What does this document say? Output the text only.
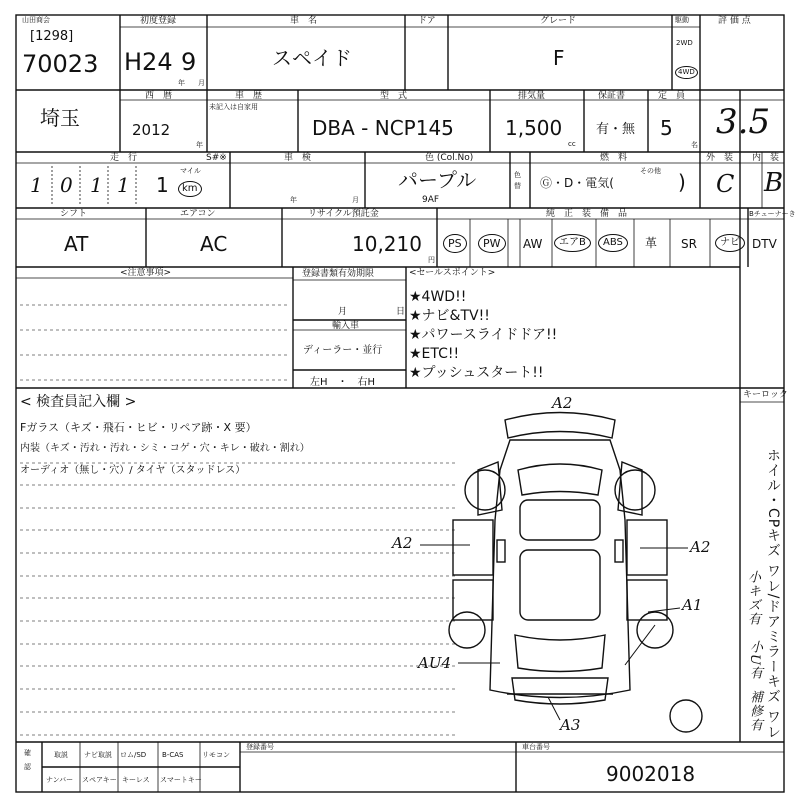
山田商会
[1298]
70023
初度登録
H24 9
年 月
車　名
スペイド
ドア	グレード
F
駆動
2WD
4WD
評 価 点
埼玉
西　暦
2012
年
車　歴
未記入は自家用
型　式
DBA - NCP145
排気量
1,500
cc
保証書
有・無
定　員
5
名
3.5
走　行
1 0 1 1 1
マイル
km
S#※	車　検
年	月
色 (Col.No)
パープル
9AF
色替
燃　料
Ⓖ・D・電気(
その他 )
外　装 内　装
C B
シフト
AT
エアコン
AC
リサイクル預託金
10,210
円
純　正　装　備　品	Bチューナーき
PS	PW	AW	エアB	ABS	革 SR	ナビ	DTV
<注意事項>	登録書類有効期限
月	日
輸入車
ディーラー・並行
左H　・　右H
<セールスポイント>
★4WD!!
★ナビ&TV!!
★パワースライドドア!!
★ETC!!
★プッシュスタート!!
< 検査員記入欄 >
Fガラス（キズ・飛石・ヒビ・リペア跡・X 要）
内装（キズ・汚れ・汚れ・シミ・コゲ・穴・キレ・破れ・割れ）
オーディオ（無し・穴）/ タイヤ（スタッドレス）
キーロック
A2
A2	A2
A1
AU4
A3	ホイル・CPキズ ワレ/ドアミラーキズ ワレ
小キズ有
小U有
補修有
確認
取説 ナビ取説 ロム/SD B-CAS	リモコン
ナンバー スペアキー キーレス スマートキー
登録番号	車台番号
9002018
